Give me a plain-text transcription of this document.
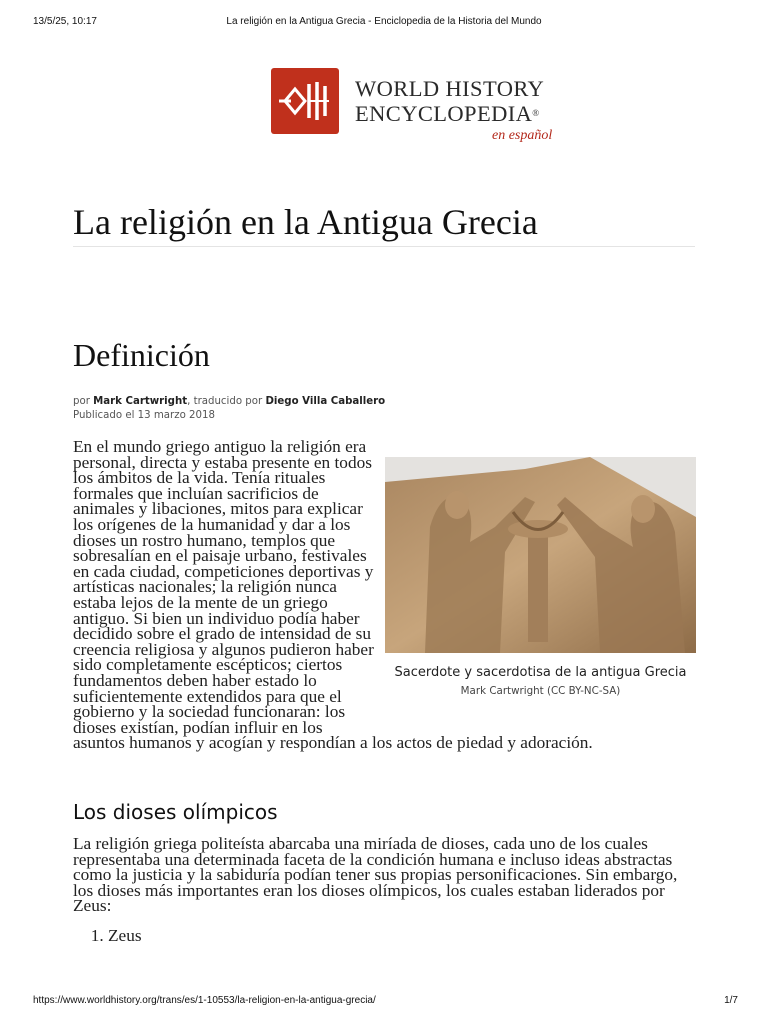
13/5/25, 10:17	La religión en la Antigua Grecia - Enciclopedia de la Historia del Mundo
WORLD HISTORY
ENCYCLOPEDIA®
en español
La religión en la Antigua Grecia
Definición
por Mark Cartwright, traducido por Diego Villa Caballero
Publicado el 13 marzo 2018
En el mundo griego antiguo la religión era personal, directa y estaba presente en todos los ámbitos de la vida. Tenía rituales formales que incluían sacrificios de animales y libaciones, mitos para explicar los orígenes de la humanidad y dar a los dioses un rostro humano, templos que sobresalían en el paisaje urbano, festivales en cada ciudad, competiciones deportivas y artísticas nacionales; la religión nunca estaba lejos de la mente de un griego antiguo. Si bien un individuo podía haber decidido sobre el grado de intensidad de su creencia religiosa y algunos pudieron haber sido completamente escépticos; ciertos fundamentos deben haber estado lo suficientemente extendidos para que el gobierno y la sociedad funcionaran: los dioses existían, podían influir en los asuntos humanos y acogían y respondían a los actos de piedad y adoración.
Sacerdote y sacerdotisa de la antigua Grecia
Mark Cartwright (CC BY-NC-SA)
Los dioses olímpicos
La religión griega politeísta abarcaba una miríada de dioses, cada uno de los cuales representaba una determinada faceta de la condición humana e incluso ideas abstractas como la justicia y la sabiduría podían tener sus propias personificaciones. Sin embargo, los dioses más importantes eran los dioses olímpicos, los cuales estaban liderados por Zeus:
1. Zeus
https://www.worldhistory.org/trans/es/1-10553/la-religion-en-la-antigua-grecia/	1/7
